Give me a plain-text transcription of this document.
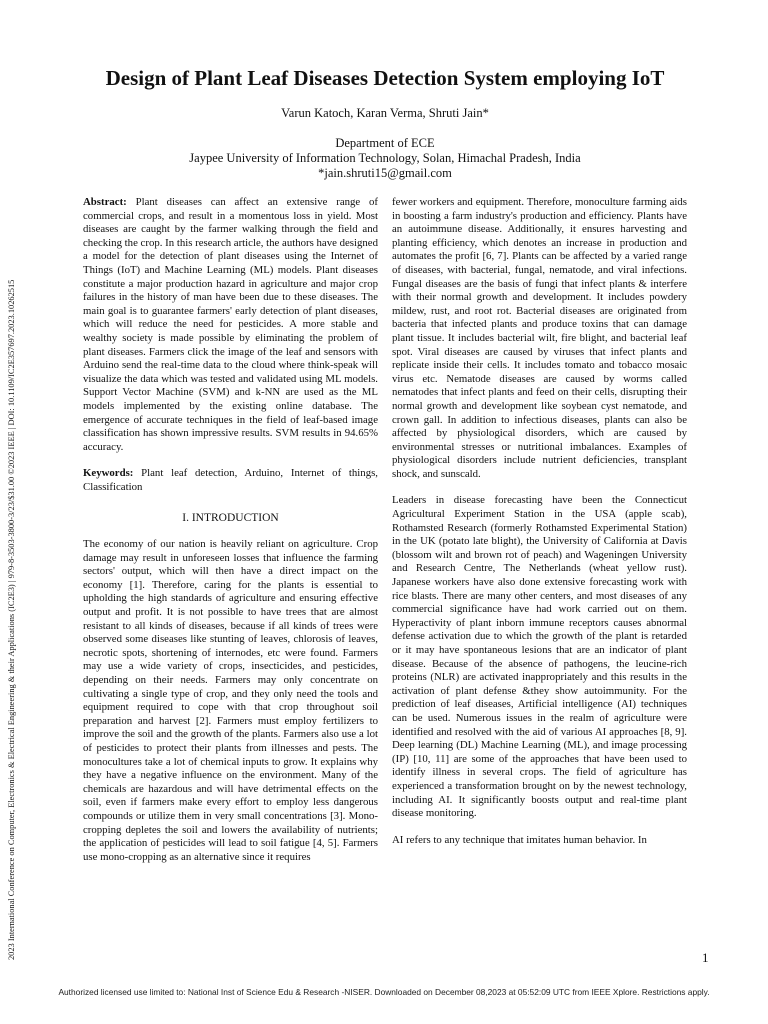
2023 International Conference on Computer, Electronics & Electrical Engineering & their Applications (IC2E3) | 979-8-3503-3800-3/23/$31.00 ©2023 IEEE | DOI: 10.1109/IC2E357697.2023.10262515
Design of Plant Leaf Diseases Detection System employing IoT
Varun Katoch, Karan Verma, Shruti Jain*
Department of ECE
Jaypee University of Information Technology, Solan, Himachal Pradesh, India
*jain.shruti15@gmail.com

Abstract: Plant diseases can affect an extensive range of commercial crops, and result in a momentous loss in yield. Most diseases are caught by the farmer walking through the field and checking the crop. In this research article, the authors have designed a model for the detection of plant diseases using the Internet of Things (IoT) and Machine Learning (ML) models. Plant diseases constitute a major production hazard in agriculture and major crop failures in the history of man have been due to these diseases. The main goal is to guarantee farmers' early detection of plant diseases, which will reduce the need for pesticides. A more stable and wealthy society is made possible by eliminating the problem of plant diseases. Farmers click the image of the leaf and sensors with Arduino send the real-time data to the cloud where think-speak will visualize the data which was tested and validated using ML models. Support Vector Machine (SVM) and k-NN are used as the ML models implemented by the existing online database. The emergence of accurate techniques in the field of leaf-based image classification has shown impressive results. SVM results in 94.65% accuracy.

Keywords: Plant leaf detection, Arduino, Internet of things, Classification

I. INTRODUCTION

The economy of our nation is heavily reliant on agriculture. Crop damage may result in unforeseen losses that influence the farming sectors' output, which will then have a direct impact on the economy [1]. Therefore, caring for the plants is essential to upholding the high standards of agriculture and ensuring effective output and profit. It is not possible to have trees that are almost resistant to all kinds of diseases, because if all kinds of trees were observed some diseases like stunting of leaves, chlorosis of leaves, necrotic spots, shortening of internodes, etc were found. Farmers may use a wide variety of crops, insecticides, and pesticides, depending on their needs. Farmers may only concentrate on cultivating a single type of crop, and they only need the tools and equipment required to cope with that crop throughout soil preparation and harvest [2]. Farmers must employ fertilizers to improve the soil and the growth of the plants. Farmers also use a lot of pesticides to protect their plants from illnesses and pests. The monocultures take a lot of chemical inputs to grow. It explains why they have a negative influence on the environment. Many of the chemicals are hazardous and will have detrimental effects on the soil, even if farmers make every effort to employ less dangerous compounds or utilize them in very small concentrations [3]. Mono-cropping depletes the soil and lowers the availability of nutrients; the application of pesticides will lead to soil fatigue [4, 5]. Farmers use mono-cropping as an alternative since it requires

fewer workers and equipment. Therefore, monoculture farming aids in boosting a farm industry's production and efficiency. Plants have an autoimmune disease. Additionally, it ensures harvesting and planting efficiency, which denotes an increase in production and automates the profit [6, 7]. Plants can be affected by a varied range of diseases, with bacterial, fungal, nematode, and viral infections. Fungal diseases are the basis of fungi that infect plants & interfere with their normal growth and development. It includes powdery mildew, rust, and root rot. Bacterial diseases are originated from bacteria that infected plants and produce toxins that can damage plant tissue. It includes bacterial wilt, fire blight, and bacterial leaf spot. Viral diseases are caused by viruses that infect plants and replicate inside their cells. It includes tomato and tobacco mosaic virus etc. Nematode diseases are caused by worms called nematodes that infect plants and feed on their cells, disrupting their normal growth and development like soybean cyst nematode, and crown gall. In addition to infectious diseases, plants can also be affected by physiological disorders, which are caused by environmental stresses or nutritional imbalances. Examples of physiological disorders include nutrient deficiencies, transplant shock, and sunscald.

Leaders in disease forecasting have been the Connecticut Agricultural Experiment Station in the USA (apple scab), Rothamsted Research (formerly Rothamsted Experimental Station) in the UK (potato late blight), the University of California at Davis (blossom wilt and brown rot of peach) and Wageningen University and Research Centre, The Netherlands (wheat yellow rust). Japanese workers have also done extensive forecasting work with rice blasts. There are many other centers, and most diseases of any commercial significance have had work carried out on them. Hyperactivity of plant inborn immune receptors causes abnormal defense activation due to which the growth of the plant is retarded or it may have spontaneous lesions that are an indicator of plant disease. Because of the absence of pathogens, the leucine-rich proteins (NLR) are activated inappropriately and this results in the activation of plant defense &they show autoimmunity. For the prediction of leaf diseases, Artificial intelligence (AI) techniques can be used. Numerous issues in the realm of agriculture were identified and resolved with the aid of various AI approaches [8, 9]. Deep learning (DL) Machine Learning (ML), and image processing (IP) [10, 11] are some of the approaches that have been used to identify illness in several crops. The field of agriculture has experienced a transformation brought on by the newest technology, including AI. It significantly boosts output and real-time plant disease monitoring.

AI refers to any technique that imitates human behavior. In

1
Authorized licensed use limited to: National Inst of Science Edu & Research -NISER. Downloaded on December 08,2023 at 05:52:09 UTC from IEEE Xplore. Restrictions apply.
